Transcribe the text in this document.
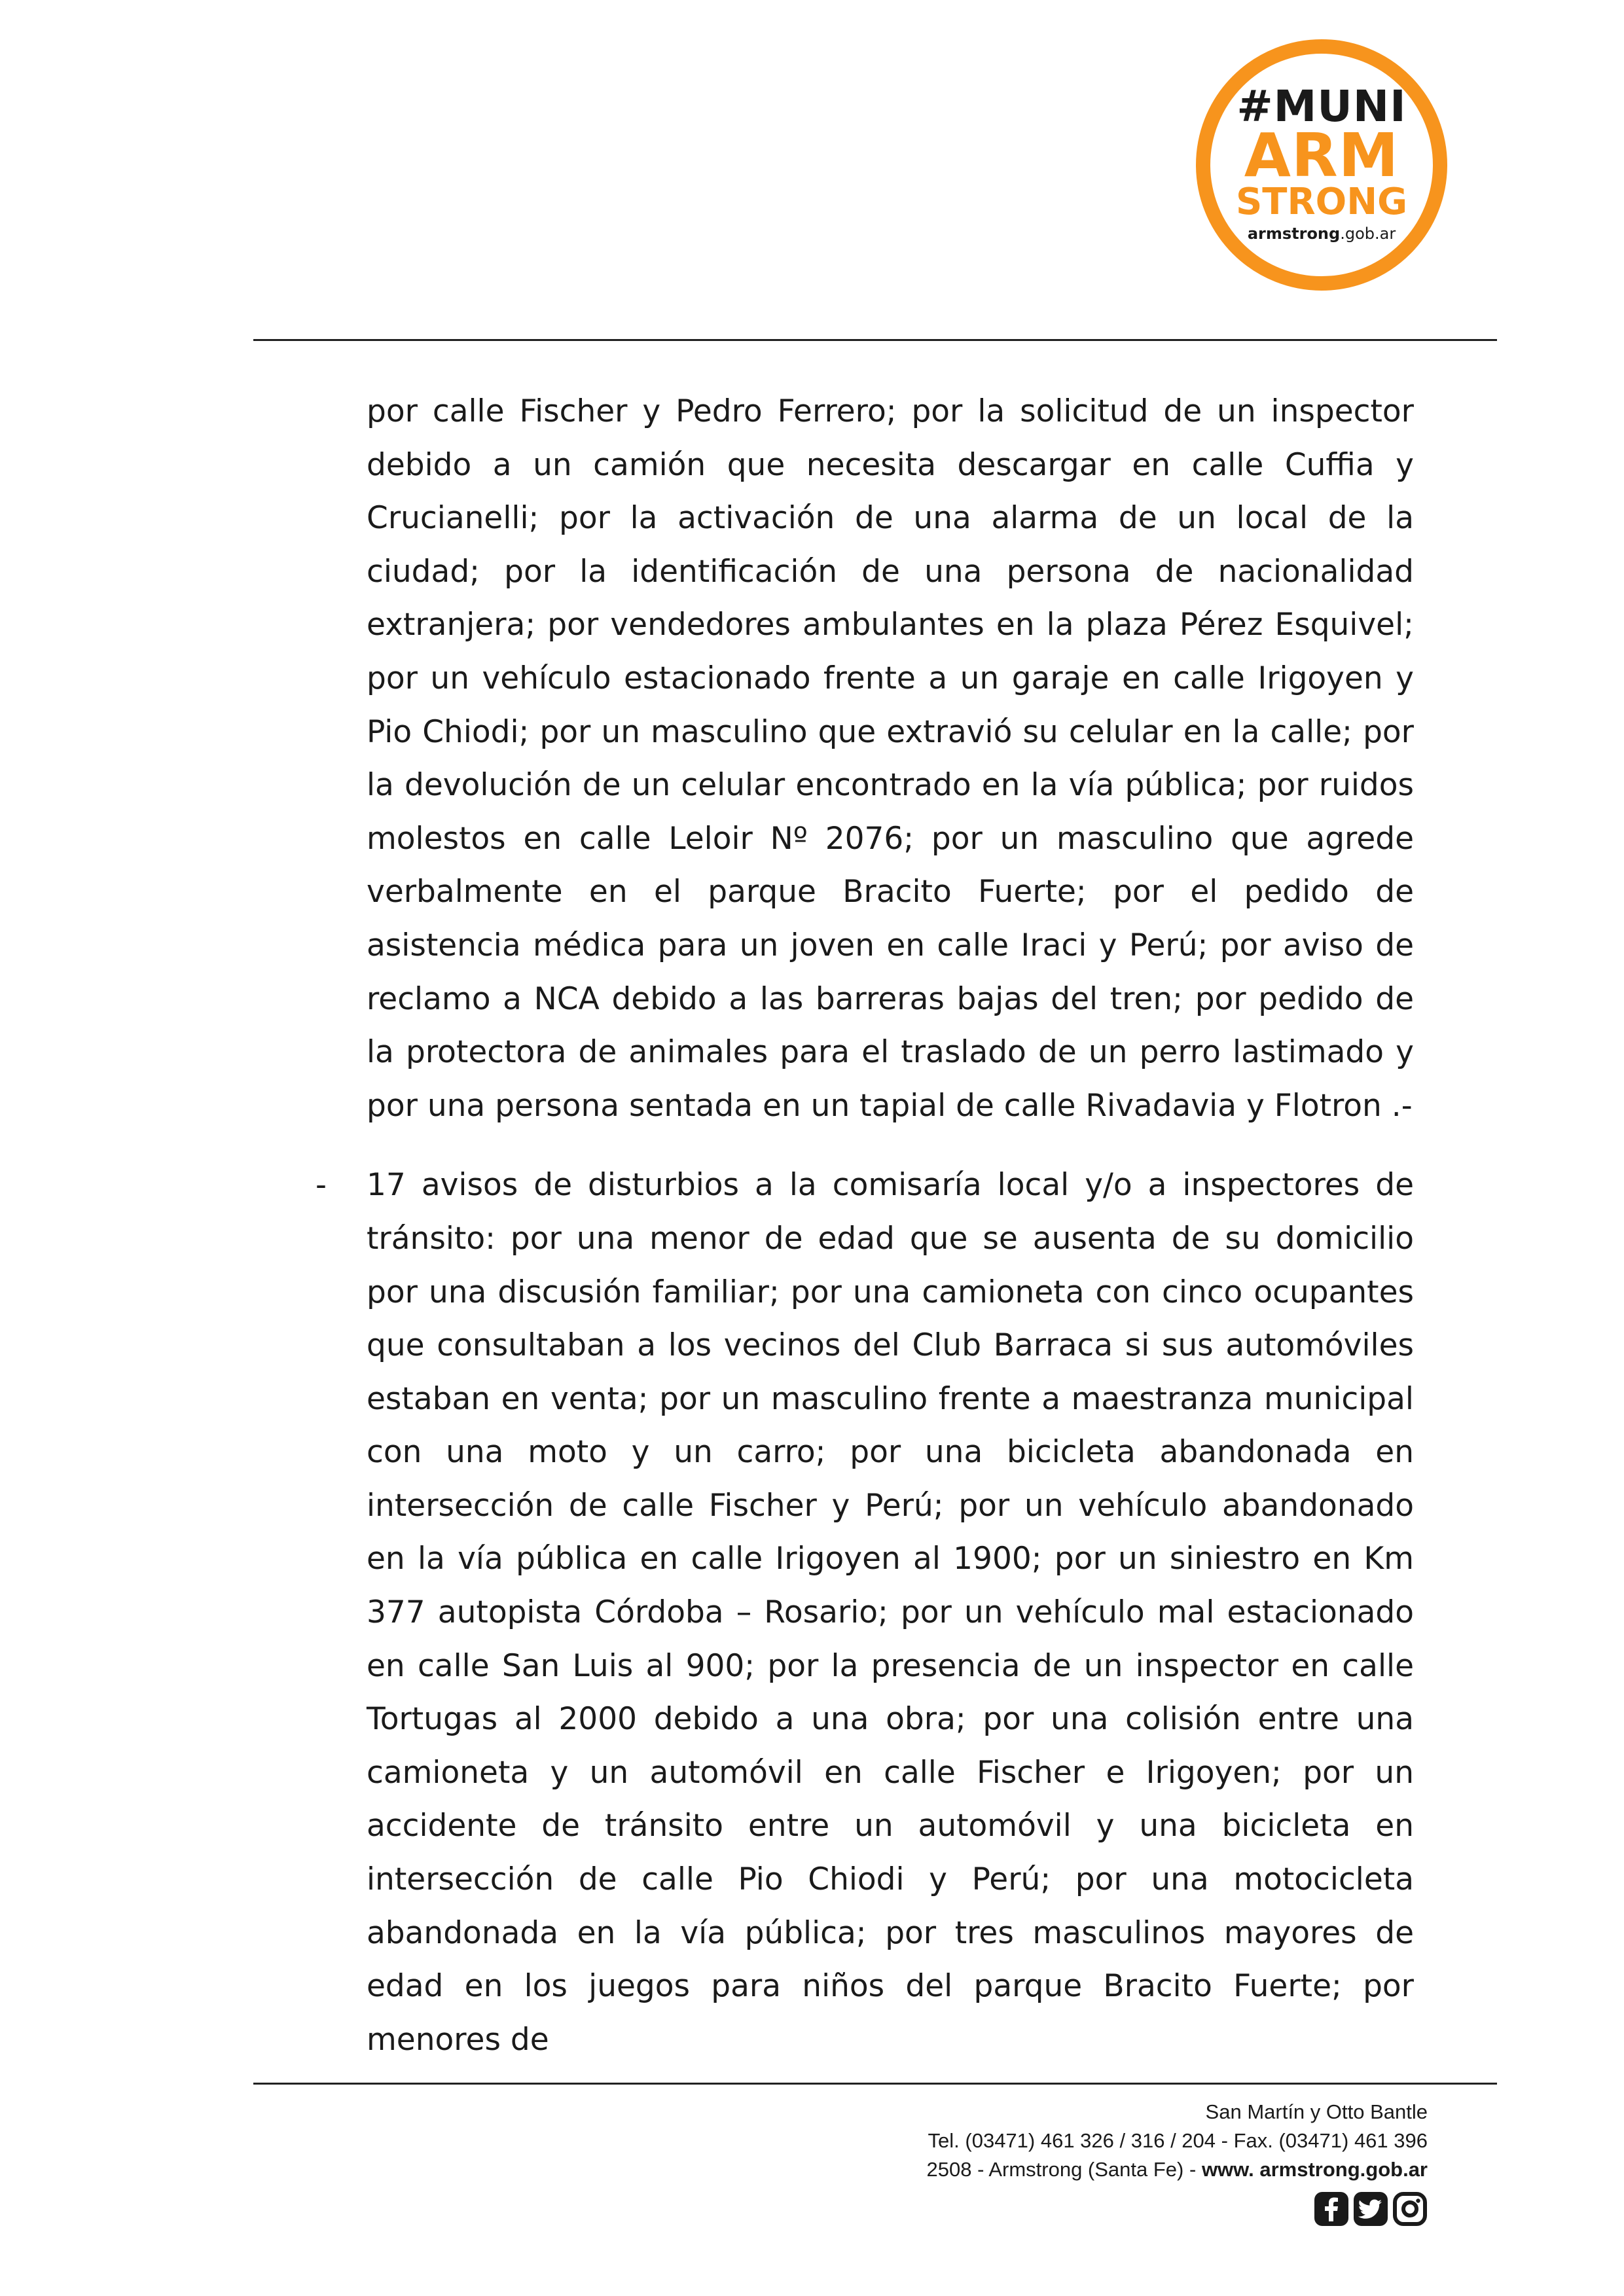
#MUNI
ARM
STRONG
armstrong.gob.ar

por calle Fischer y Pedro Ferrero; por la solicitud de un inspector debido a un camión que necesita descargar en calle Cuffia y Crucianelli; por la activación de una alarma de un local de la ciudad; por la identificación de una persona de nacionalidad extranjera; por vendedores ambulantes en la plaza Pérez Esquivel; por un vehículo estacionado frente a un garaje en calle Irigoyen y Pio Chiodi; por un masculino que extravió su celular en la calle; por la devolución de un celular encontrado en la vía pública; por ruidos molestos en calle Leloir Nº 2076; por un masculino que agrede verbalmente en el parque Bracito Fuerte; por el pedido de asistencia médica para un joven en calle Iraci y Perú; por aviso de reclamo a NCA debido a las barreras bajas del tren; por pedido de la protectora de animales para el traslado de un perro lastimado y por una persona sentada en un tapial de calle Rivadavia y Flotron .-

- 17 avisos de disturbios a la comisaría local y/o a inspectores de tránsito: por una menor de edad que se ausenta de su domicilio por una discusión familiar; por una camioneta con cinco ocupantes que consultaban a los vecinos del Club Barraca si sus automóviles estaban en venta; por un masculino frente a maestranza municipal con una moto y un carro; por una bicicleta abandonada en intersección de calle Fischer y Perú; por un vehículo abandonado en la vía pública en calle Irigoyen al 1900; por un siniestro en Km 377 autopista Córdoba – Rosario; por un vehículo mal estacionado en calle San Luis al 900; por la presencia de un inspector en calle Tortugas al 2000 debido a una obra; por una colisión entre una camioneta y un automóvil en calle Fischer e Irigoyen; por un accidente de tránsito entre un automóvil y una bicicleta en intersección de calle Pio Chiodi y Perú; por una motocicleta abandonada en la vía pública; por tres masculinos mayores de edad en los juegos para niños del parque Bracito Fuerte; por menores de

San Martín y Otto Bantle
Tel. (03471) 461 326 / 316 / 204 - Fax. (03471) 461 396
2508 - Armstrong (Santa Fe) - www. armstrong.gob.ar
